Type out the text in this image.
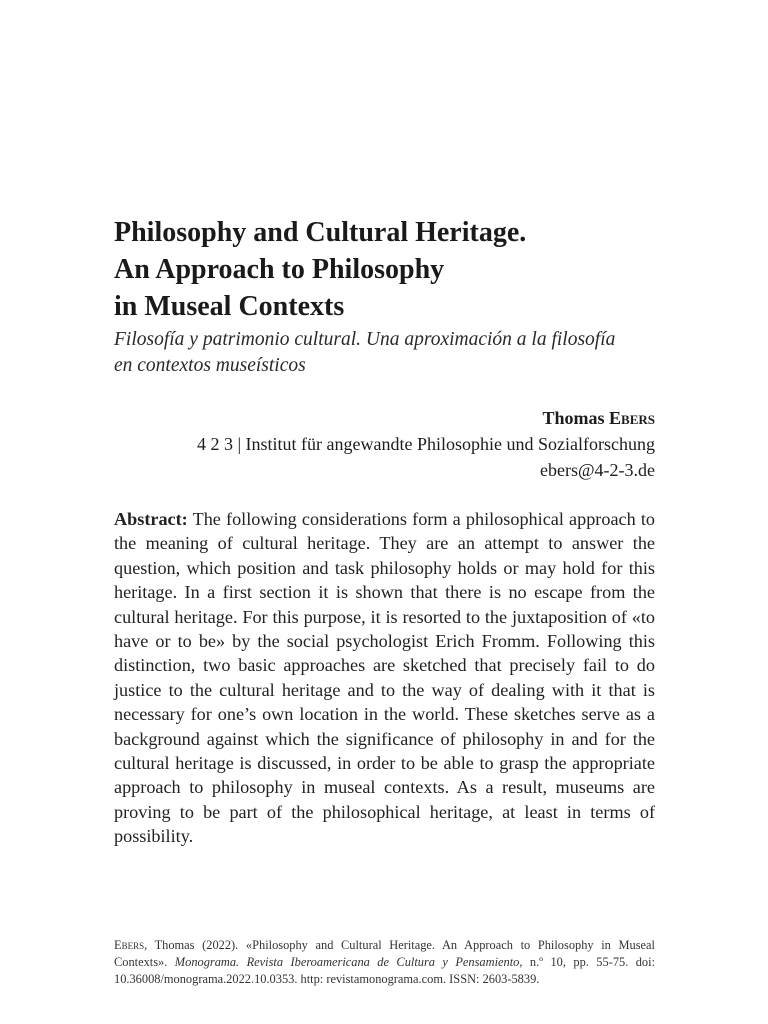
Philosophy and Cultural Heritage.
An Approach to Philosophy
in Museal Contexts

Filosofía y patrimonio cultural. Una aproximación a la filosofía
en contextos museísticos

Thomas Ebers
4 2 3 | Institut für angewandte Philosophie und Sozialforschung
ebers@4-2-3.de

Abstract: The following considerations form a philosophical approach to the meaning of cultural heritage. They are an attempt to answer the question, which position and task philosophy holds or may hold for this heritage. In a first section it is shown that there is no escape from the cultural heritage. For this purpose, it is resorted to the juxtaposition of «to have or to be» by the social psychologist Erich Fromm. Following this distinction, two basic approaches are sketched that precisely fail to do justice to the cultural heritage and to the way of dealing with it that is necessary for one’s own location in the world. These sketches serve as a background against which the significance of philosophy in and for the cultural heritage is discussed, in order to be able to grasp the appropriate approach to philosophy in museal contexts. As a result, museums are proving to be part of the philosophical heritage, at least in terms of possibility.

Ebers, Thomas (2022). «Philosophy and Cultural Heritage. An Approach to Philosophy in Museal Contexts». Monograma. Revista Iberoamericana de Cultura y Pensamiento, n.º 10, pp. 55-75. doi: 10.36008/monograma.2022.10.0353. http: revistamonograma.com. ISSN: 2603-5839.
